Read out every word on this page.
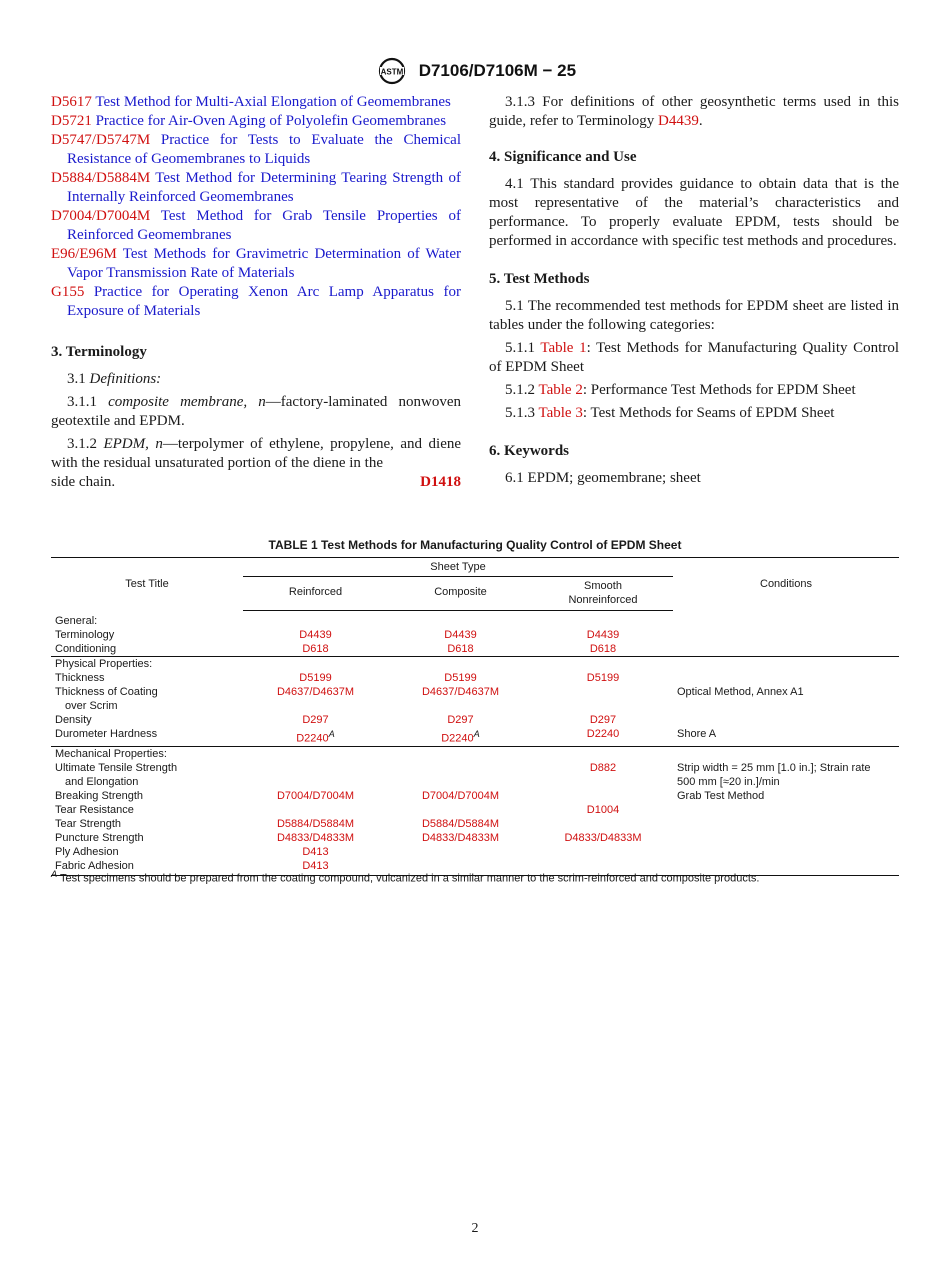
ASTM D7106/D7106M − 25
D5617 Test Method for Multi-Axial Elongation of Geomembranes
D5721 Practice for Air-Oven Aging of Polyolefin Geomembranes
D5747/D5747M Practice for Tests to Evaluate the Chemical Resistance of Geomembranes to Liquids
D5884/D5884M Test Method for Determining Tearing Strength of Internally Reinforced Geomembranes
D7004/D7004M Test Method for Grab Tensile Properties of Reinforced Geomembranes
E96/E96M Test Methods for Gravimetric Determination of Water Vapor Transmission Rate of Materials
G155 Practice for Operating Xenon Arc Lamp Apparatus for Exposure of Materials
3. Terminology
3.1 Definitions:
3.1.1 composite membrane, n—factory-laminated nonwoven geotextile and EPDM.
3.1.2 EPDM, n—terpolymer of ethylene, propylene, and diene with the residual unsaturated portion of the diene in the
side chain.	D1418
3.1.3 For definitions of other geosynthetic terms used in this guide, refer to Terminology D4439.
4. Significance and Use
4.1 This standard provides guidance to obtain data that is the most representative of the material’s characteristics and performance. To properly evaluate EPDM, tests should be performed in accordance with specific test methods and procedures.
5. Test Methods
5.1 The recommended test methods for EPDM sheet are listed in tables under the following categories:
5.1.1 Table 1: Test Methods for Manufacturing Quality Control of EPDM Sheet
5.1.2 Table 2: Performance Test Methods for EPDM Sheet
5.1.3 Table 3: Test Methods for Seams of EPDM Sheet
6. Keywords
6.1 EPDM; geomembrane; sheet
TABLE 1 Test Methods for Manufacturing Quality Control of EPDM Sheet
Test Title	Sheet Type			Conditions
	Reinforced	Composite	Smooth
Nonreinforced	
General:				
Terminology	D4439	D4439	D4439	
Conditioning	D618	D618	D618	
Physical Properties:				
Thickness	D5199	D5199	D5199	
Thickness of Coating
over Scrim	D4637/D4637M	D4637/D4637M		Optical Method, Annex A1
Density	D297	D297	D297	
Durometer Hardness	$D2240^A$	$D2240^A$	D2240	Shore A
Mechanical Properties:				
Ultimate Tensile Strength
and Elongation			D882	Strip width = 25 mm [1.0 in.]; Strain rate
500 mm [≈20 in.]/min
Breaking Strength	D7004/D7004M	D7004/D7004M		Grab Test Method
Tear Resistance			D1004	
Tear Strength	D5884/D5884M	D5884/D5884M		
Puncture Strength	D4833/D4833M	D4833/D4833M	D4833/D4833M	
Ply Adhesion	D413			
Fabric Adhesion	D413			
$^A$ Test specimens should be prepared from the coating compound, vulcanized in a similar manner to the scrim-reinforced and composite products.
2
